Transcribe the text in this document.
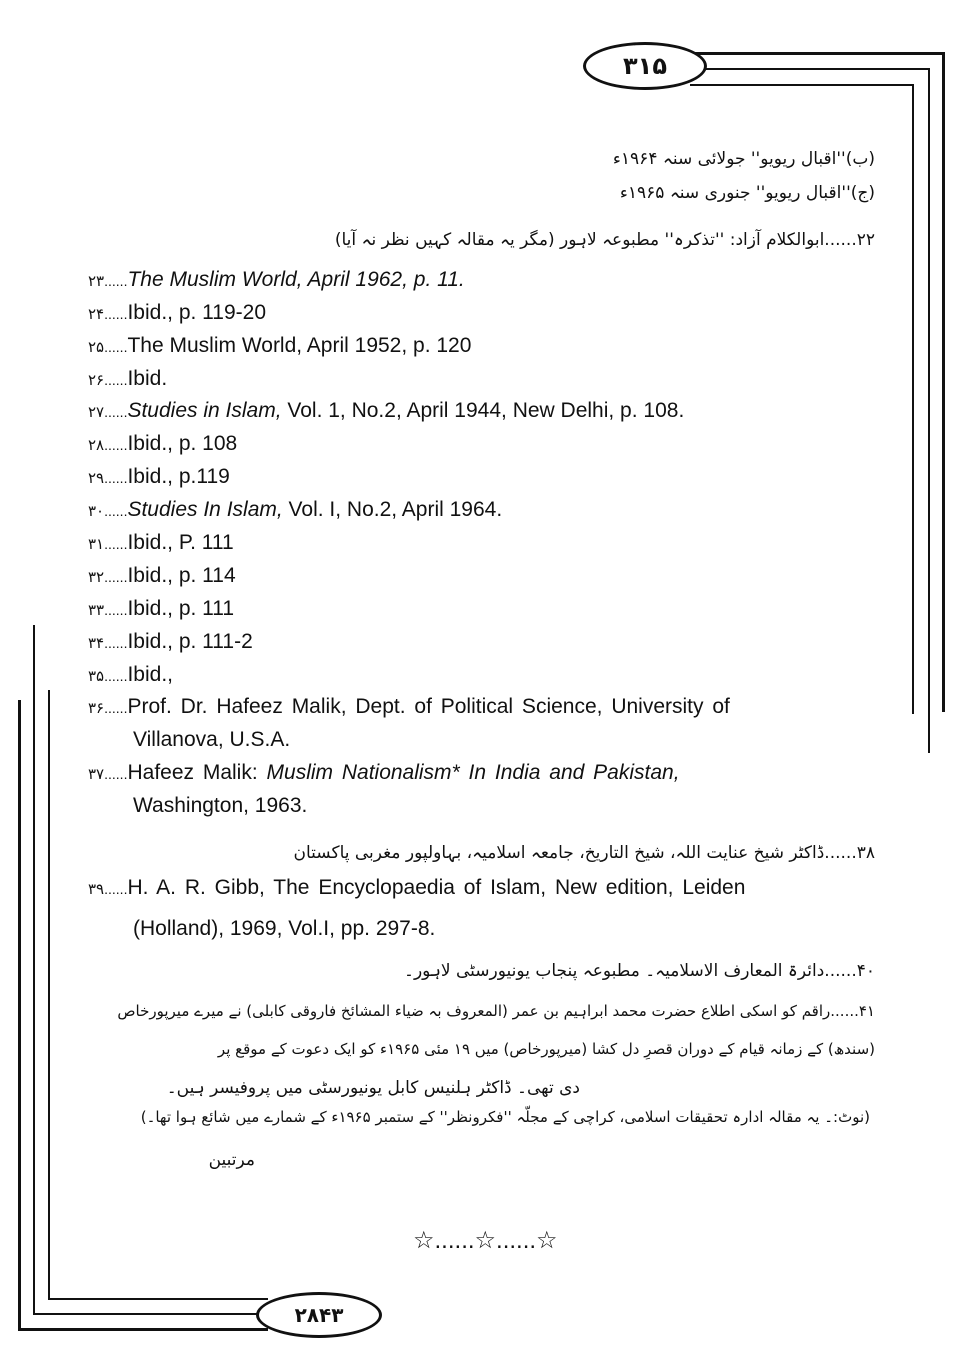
۳۱۵
۲۸۴۳
(ب)''اقبال ریویو'' جولائی سنہ ۱۹۶۴ء
(ج)''اقبال ریویو'' جنوری سنہ ۱۹۶۵ء
۲۲......ابوالکلام آزاد: ''تذکرہ'' مطبوعہ لاہور (مگر یہ مقالہ کہیں نظر نہ آیا)
۲۳......The Muslim World, April 1962, p. 11.
۲۴......Ibid., p. 119-20
۲۵......The Muslim World, April 1952, p. 120
۲۶......Ibid.
۲۷......Studies in Islam, Vol. 1, No.2, April 1944, New Delhi, p. 108.
۲۸......Ibid., p. 108
۲۹......Ibid., p.119
۳۰......Studies In Islam, Vol. I, No.2, April 1964.
۳۱......Ibid., P. 111
۳۲......Ibid., p. 114
۳۳......Ibid., p. 111
۳۴......Ibid., p. 111-2
۳۵......Ibid.,
۳۶......Prof. Dr. Hafeez Malik, Dept. of Political Science, University of
Villanova, U.S.A.
۳۷......Hafeez Malik: Muslim Nationalism* In India and Pakistan,
Washington, 1963.
۳۸......ڈاکٹر شیخ عنایت اللہ، شیخ التاریخ، جامعہ اسلامیہ، بہاولپور مغربی پاکستان
۳۹......H. A. R. Gibb, The Encyclopaedia of Islam, New edition, Leiden
(Holland), 1969, Vol.I, pp. 297-8.
۴۰......دائرۃ المعارف الاسلامیہ۔ مطبوعہ پنجاب یونیورسٹی لاہور۔
۴۱......راقم کو اسکی اطلاع حضرت محمد ابراہیم بن عمر (المعروف بہ ضیاء المشائخ فاروقی کابلی) نے میرے میرپورخاص
(سندھ) کے زمانہ قیام کے دوران قصرِ دل کشا (میرپورخاص) میں ۱۹ مئی ۱۹۶۵ء کو ایک دعوت کے موقع پر
دی تھی۔ ڈاکٹر ہلنیس کابل یونیورسٹی میں پروفیسر ہیں۔
(نوٹ:۔ یہ مقالہ ادارہ تحقیقات اسلامی، کراچی کے مجلّہ ''فکرونظر'' کے ستمبر ۱۹۶۵ء کے شمارے میں شائع ہوا تھا۔)
مرتبین
☆......☆......☆
